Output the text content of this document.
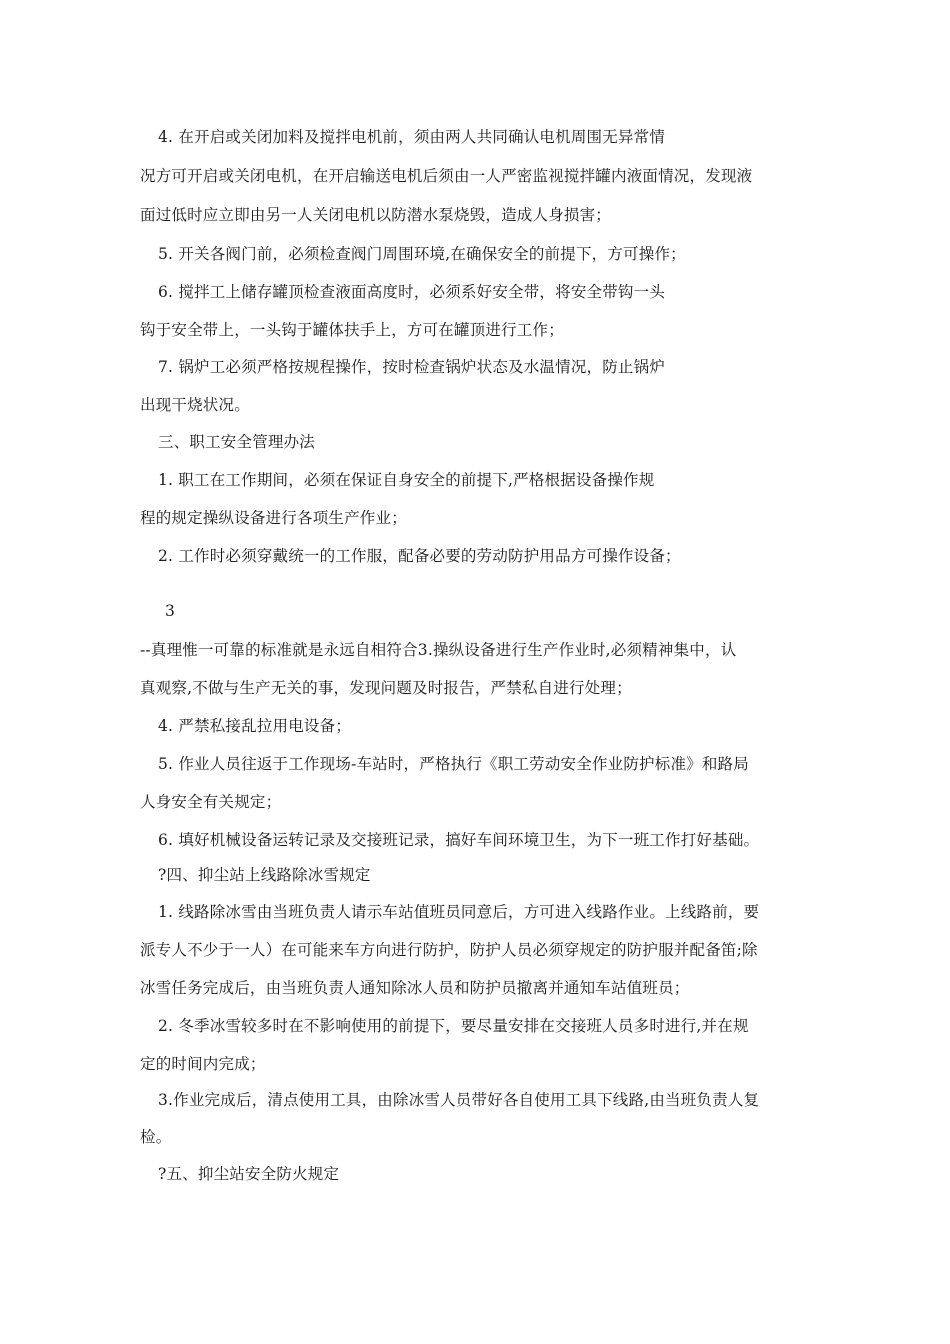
4. 在开启或关闭加料及搅拌电机前，须由两人共同确认电机周围无异常情
况方可开启或关闭电机，在开启输送电机后须由一人严密监视搅拌罐内液面情况，发现液
面过低时应立即由另一人关闭电机以防潜水泵烧毁，造成人身损害；
5. 开关各阀门前，必须检查阀门周围环境,在确保安全的前提下，方可操作；
6. 搅拌工上储存罐顶检查液面高度时，必须系好安全带，将安全带钩一头
钩于安全带上，一头钩于罐体扶手上，方可在罐顶进行工作；
7. 锅炉工必须严格按规程操作，按时检查锅炉状态及水温情况，防止锅炉
出现干烧状况。
三、职工安全管理办法
1. 职工在工作期间，必须在保证自身安全的前提下,严格根据设备操作规
程的规定操纵设备进行各项生产作业；
2. 工作时必须穿戴统一的工作服，配备必要的劳动防护用品方可操作设备；
3
--真理惟一可靠的标准就是永远自相符合3.操纵设备进行生产作业时,必须精神集中，认
真观察,不做与生产无关的事，发现问题及时报告，严禁私自进行处理；
4. 严禁私接乱拉用电设备；
5. 作业人员往返于工作现场-车站时，严格执行《职工劳动安全作业防护标准》和路局
人身安全有关规定；
6. 填好机械设备运转记录及交接班记录，搞好车间环境卫生，为下一班工作打好基础。
?四、抑尘站上线路除冰雪规定
1. 线路除冰雪由当班负责人请示车站值班员同意后，方可进入线路作业。上线路前，要
派专人不少于一人）在可能来车方向进行防护，防护人员必须穿规定的防护服并配备笛;除
冰雪任务完成后，由当班负责人通知除冰人员和防护员撤离并通知车站值班员；
2. 冬季冰雪较多时在不影响使用的前提下，要尽量安排在交接班人员多时进行,并在规
定的时间内完成；
3.作业完成后，清点使用工具，由除冰雪人员带好各自使用工具下线路,由当班负责人复
检。
?五、抑尘站安全防火规定
